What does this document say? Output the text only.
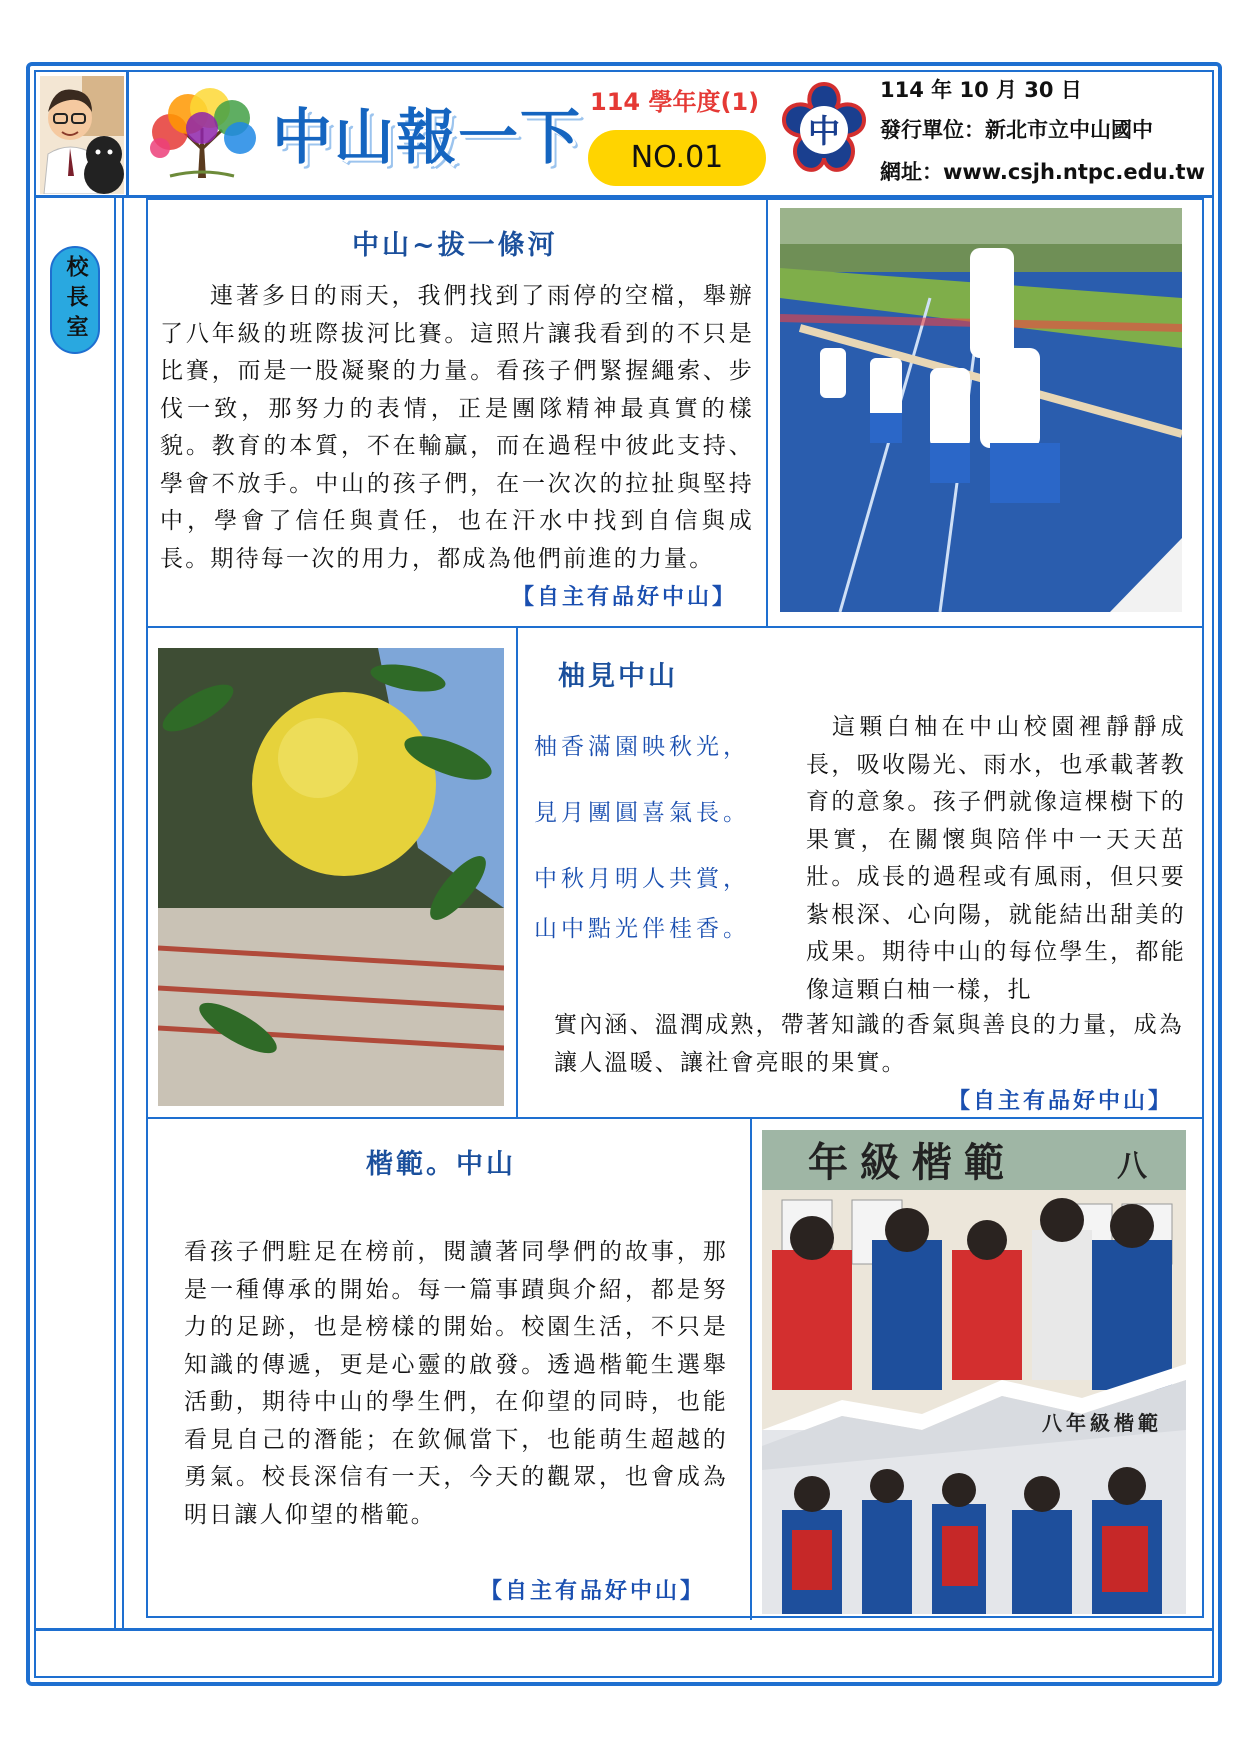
中山報一下
114 學年度(1)
NO.01
中
114 年 10 月 30 日
發行單位：新北市立中山國中
網址：www.csjh.ntpc.edu.tw
校長室
中山~拔一條河
連著多日的雨天，我們找到了雨停的空檔，舉辦了八年級的班際拔河比賽。這照片讓我看到的不只是比賽，而是一股凝聚的力量。看孩子們緊握繩索、步伐一致，那努力的表情，正是團隊精神最真實的樣貌。教育的本質，不在輸贏，而在過程中彼此支持、學會不放手。中山的孩子們，在一次次的拉扯與堅持中，學會了信任與責任，也在汗水中找到自信與成長。期待每一次的用力，都成為他們前進的力量。
【自主有品好中山】
柚見中山
柚香滿園映秋光，
見月團圓喜氣長。
中秋月明人共賞，
山中點光伴桂香。
這顆白柚在中山校園裡靜靜成長，吸收陽光、雨水，也承載著教育的意象。孩子們就像這棵樹下的果實，在關懷與陪伴中一天天茁壯。成長的過程或有風雨，但只要紮根深、心向陽，就能結出甜美的成果。期待中山的每位學生，都能像這顆白柚一樣，扎
實內涵、溫潤成熟，帶著知識的香氣與善良的力量，成為讓人溫暖、讓社會亮眼的果實。
【自主有品好中山】
楷範。中山
看孩子們駐足在榜前，閱讀著同學們的故事，那是一種傳承的開始。每一篇事蹟與介紹，都是努力的足跡，也是榜樣的開始。校園生活，不只是知識的傳遞，更是心靈的啟發。透過楷範生選舉活動，期待中山的學生們，在仰望的同時，也能看見自己的潛能；在欽佩當下，也能萌生超越的勇氣。校長深信有一天，今天的觀眾，也會成為明日讓人仰望的楷範。
【自主有品好中山】
年級楷範	八
八年級楷範
